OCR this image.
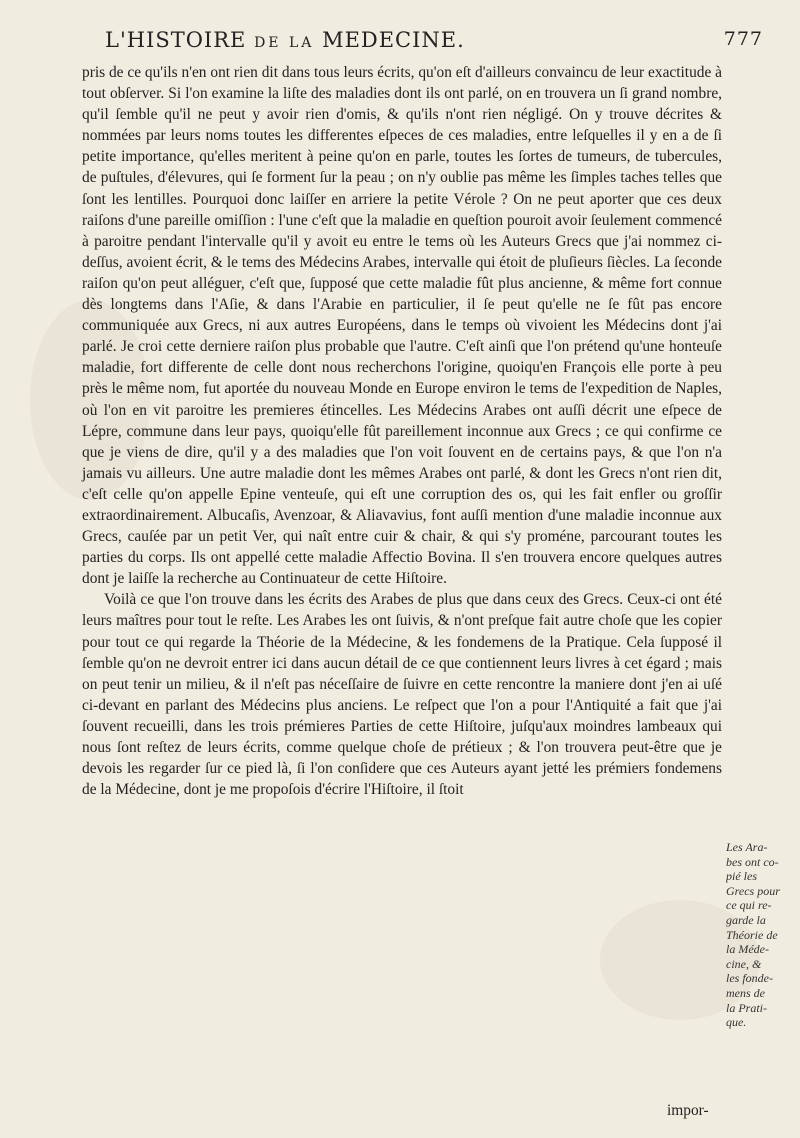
L'HISTOIRE DE LA MEDECINE.	777

pris de ce qu'ils n'en ont rien dit dans tous leurs écrits, qu'on eſt d'ailleurs convaincu de leur exactitude à tout obſerver. Si l'on examine la liſte des maladies dont ils ont parlé, on en trouvera un ſi grand nombre, qu'il ſemble qu'il ne peut y avoir rien d'omis, & qu'ils n'ont rien négligé. On y trouve décrites & nommées par leurs noms toutes les differentes eſpeces de ces maladies, entre leſquelles il y en a de ſi petite importance, qu'elles meritent à peine qu'on en parle, toutes les ſortes de tumeurs, de tubercules, de puſtules, d'élevures, qui ſe forment ſur la peau ; on n'y oublie pas même les ſimples taches telles que ſont les lentilles. Pourquoi donc laiſſer en arriere la petite Vérole ? On ne peut aporter que ces deux raiſons d'une pareille omiſſion : l'une c'eſt que la maladie en queſtion pouroit avoir ſeulement commencé à paroitre pendant l'intervalle qu'il y avoit eu entre le tems où les Auteurs Grecs que j'ai nommez ci-deſſus, avoient écrit, & le tems des Médecins Arabes, intervalle qui étoit de pluſieurs ſiècles. La ſeconde raiſon qu'on peut alléguer, c'eſt que, ſupposé que cette maladie fût plus ancienne, & même fort connue dès longtems dans l'Aſie, & dans l'Arabie en particulier, il ſe peut qu'elle ne ſe fût pas encore communiquée aux Grecs, ni aux autres Européens, dans le temps où vivoient les Médecins dont j'ai parlé. Je croi cette derniere raiſon plus probable que l'autre. C'eſt ainſi que l'on prétend qu'une honteuſe maladie, fort differente de celle dont nous recherchons l'origine, quoiqu'en François elle porte à peu près le même nom, fut aportée du nouveau Monde en Europe environ le tems de l'expedition de Naples, où l'on en vit paroitre les premieres étincelles. Les Médecins Arabes ont auſſi décrit une eſpece de Lépre, commune dans leur pays, quoiqu'elle fût pareillement inconnue aux Grecs ; ce qui confirme ce que je viens de dire, qu'il y a des maladies que l'on voit ſouvent en de certains pays, & que l'on n'a jamais vu ailleurs. Une autre maladie dont les mêmes Arabes ont parlé, & dont les Grecs n'ont rien dit, c'eſt celle qu'on appelle Epine venteuſe, qui eſt une corruption des os, qui les fait enfler ou groſſir extraordinairement. Albucaſis, Avenzoar, & Aliavavius, font auſſi mention d'une maladie inconnue aux Grecs, cauſée par un petit Ver, qui naît entre cuir & chair, & qui s'y proméne, parcourant toutes les parties du corps. Ils ont appellé cette maladie Affectio Bovina. Il s'en trouvera encore quelques autres dont je laiſſe la recherche au Continuateur de cette Hiſtoire.

Voilà ce que l'on trouve dans les écrits des Arabes de plus que dans ceux des Grecs. Ceux-ci ont été leurs maîtres pour tout le reſte. Les Arabes les ont ſuivis, & n'ont preſque fait autre choſe que les copier pour tout ce qui regarde la Théorie de la Médecine, & les fondemens de la Pratique. Cela ſupposé il ſemble qu'on ne devroit entrer ici dans aucun détail de ce que contiennent leurs livres à cet égard ; mais on peut tenir un milieu, & il n'eſt pas néceſſaire de ſuivre en cette rencontre la maniere dont j'en ai uſé ci-devant en parlant des Médecins plus anciens. Le reſpect que l'on a pour l'Antiquité a fait que j'ai ſouvent recueilli, dans les trois prémieres Parties de cette Hiſtoire, juſqu'aux moindres lambeaux qui nous ſont reſtez de leurs écrits, comme quelque choſe de prétieux ; & l'on trouvera peut-être que je devois les regarder ſur ce pied là, ſi l'on conſidere que ces Auteurs ayant jetté les prémiers fondemens de la Médecine, dont je me propoſois d'écrire l'Hiſtoire, il ſtoit

impor-
Les Ara-
bes ont co-
pié les
Grecs pour
ce qui re-
garde la
Théorie de
la Méde-
cine, &
les fonde-
mens de
la Prati-
que.
